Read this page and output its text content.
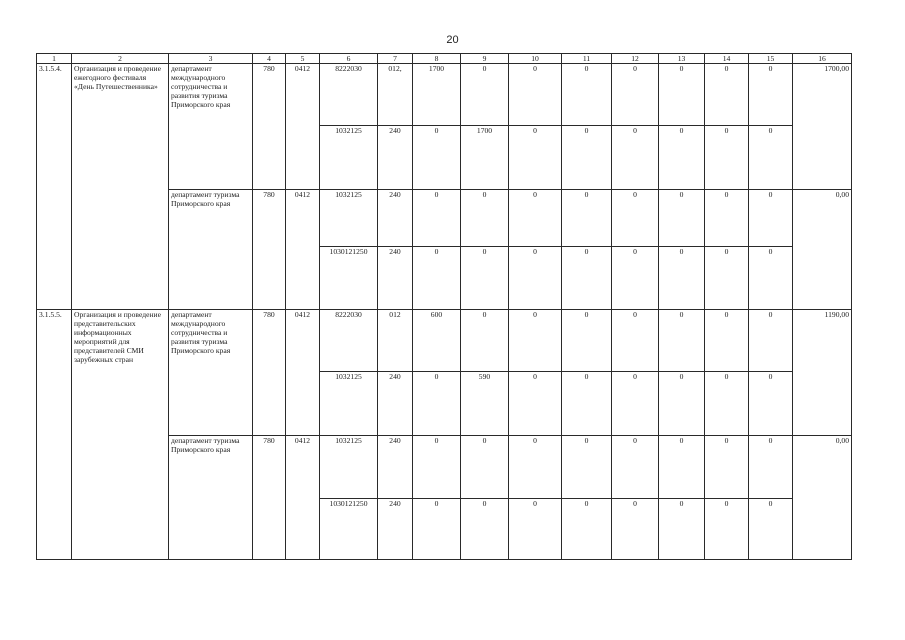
20
1	2	3	4	5	6	7	8	9	10	11	12	13	14	15	16
3.1.5.4.	Организация и проведение ежегодного фестиваля «День Путешественника»	департамент международного сотрудничества и развития туризма Приморского края	780	0412	8222030	012,	1700	0	0	0	0	0	0	0	1700,00
					1032125	240	0	1700	0	0	0	0	0	0	
		департамент туризма Приморского края	780	0412	1032125	240	0	0	0	0	0	0	0	0	0,00
					1030121250	240	0	0	0	0	0	0	0	0	
3.1.5.5.	Организация и проведение представительских информационных мероприятий для представителей СМИ зарубежных стран	департамент международного сотрудничества и развития туризма Приморского края	780	0412	8222030	012	600	0	0	0	0	0	0	0	1190,00
					1032125	240	0	590	0	0	0	0	0	0	
		департамент туризма Приморского края	780	0412	1032125	240	0	0	0	0	0	0	0	0	0,00
					1030121250	240	0	0	0	0	0	0	0	0	
